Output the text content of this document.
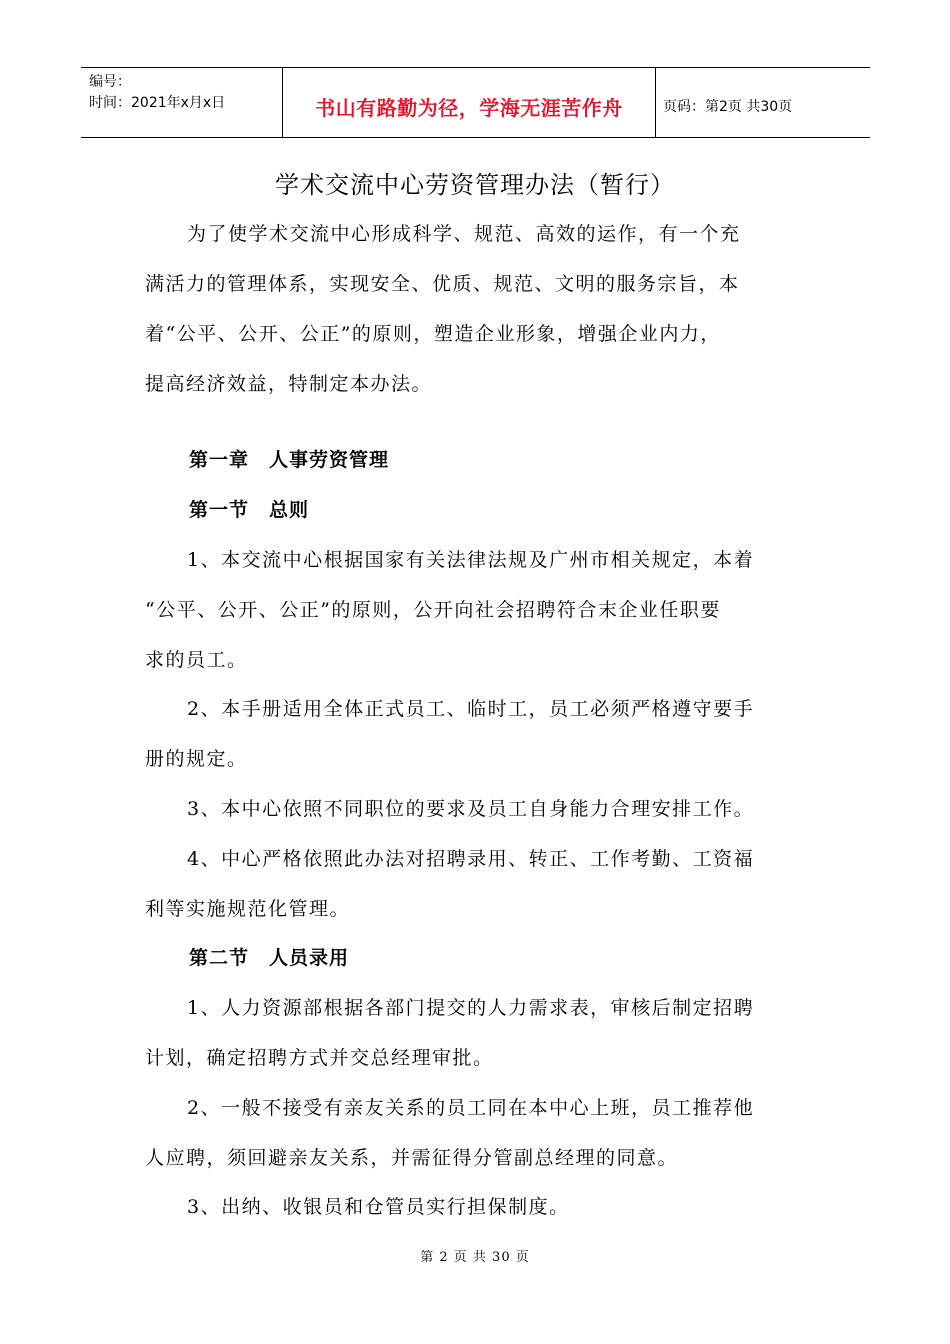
编号：
时间：2021年x月x日	书山有路勤为径，学海无涯苦作舟	页码：第2页 共30页
学术交流中心劳资管理办法（暂行）
为了使学术交流中心形成科学、规范、高效的运作，有一个充
满活力的管理体系，实现安全、优质、规范、文明的服务宗旨，本
着“公平、公开、公正”的原则，塑造企业形象，增强企业内力，
提高经济效益，特制定本办法。
第一章　人事劳资管理
第一节　总则
1、本交流中心根据国家有关法律法规及广州市相关规定，本着
“公平、公开、公正”的原则，公开向社会招聘符合末企业任职要
求的员工。
2、本手册适用全体正式员工、临时工，员工必须严格遵守要手
册的规定。
3、本中心依照不同职位的要求及员工自身能力合理安排工作。
4、中心严格依照此办法对招聘录用、转正、工作考勤、工资福
利等实施规范化管理。
第二节　人员录用
1、人力资源部根据各部门提交的人力需求表，审核后制定招聘
计划，确定招聘方式并交总经理审批。
2、一般不接受有亲友关系的员工同在本中心上班，员工推荐他
人应聘，须回避亲友关系，并需征得分管副总经理的同意。
3、出纳、收银员和仓管员实行担保制度。
第 2 页 共 30 页
